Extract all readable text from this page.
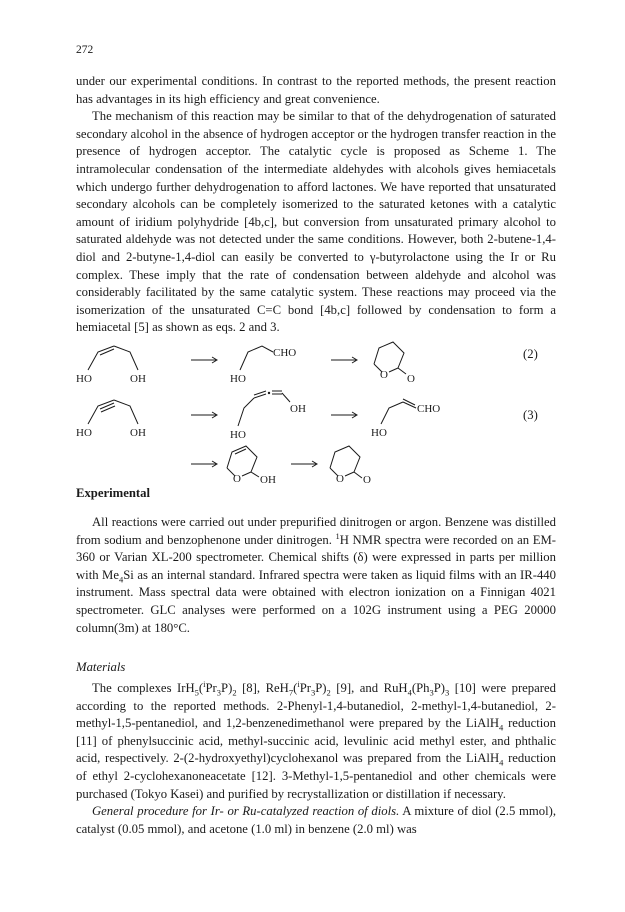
272

under our experimental conditions. In contrast to the reported methods, the present reaction has advantages in its high efficiency and great convenience.

The mechanism of this reaction may be similar to that of the dehydrogenation of saturated secondary alcohol in the absence of hydrogen acceptor or the hydrogen transfer reaction in the presence of hydrogen acceptor. The catalytic cycle is proposed as Scheme 1. The intramolecular condensation of the intermediate aldehydes with alcohols gives hemiacetals which undergo further dehydrogenation to afford lactones. We have reported that unsaturated secondary alcohols can be completely isomerized to the saturated ketones with a catalytic amount of iridium polyhydride [4b,c], but conversion from unsaturated primary alcohol to saturated aldehyde was not detected under the same conditions. However, both 2-butene-1,4-diol and 2-butyne-1,4-diol can easily be converted to γ-butyrolactone using the Ir or Ru complex. These imply that the rate of condensation between aldehyde and alcohol was considerably facilitated by the same catalytic system. These reactions may proceed via the isomerization of the unsaturated C=C bond [4b,c] followed by condensation to form a hemiacetal [5] as shown as eqs. 2 and 3.

HO	OH	HO
CHO
O O
(2)
HO	OH	HO
OH
HO
CHO	(3)
O OH	O O
Experimental

All reactions were carried out under prepurified dinitrogen or argon. Benzene was distilled from sodium and benzophenone under dinitrogen. $^1$H NMR spectra were recorded on an EM-360 or Varian XL-200 spectrometer. Chemical shifts (δ) were expressed in parts per million with $Me_4Si$ as an internal standard. Infrared spectra were taken as liquid films with an IR-440 instrument. Mass spectral data were obtained with electron ionization on a Finnigan 4021 spectrometer. GLC analyses were performed on a 102G instrument using a PEG 20000 column(3m) at 180°C.

Materials

The complexes $IrH_5(^iPr_3P)_2$ [8], $ReH_7(^iPr_3P)_2$ [9], and $RuH_4(Ph_3P)_3$ [10] were prepared according to the reported methods. 2-Phenyl-1,4-butanediol, 2-methyl-1,4-butanediol, 2-methyl-1,5-pentanediol, and 1,2-benzenedimethanol were prepared by the LiAlH$_4$ reduction [11] of phenylsuccinic acid, methyl-succinic acid, levulinic acid methyl ester, and phthalic acid, respectively. 2-(2-hydroxyethyl)cyclohexanol was prepared from the LiAlH$_4$ reduction of ethyl 2-cyclohexanoneacetate [12]. 3-Methyl-1,5-pentanediol and other chemicals were purchased (Tokyo Kasei) and purified by recrystallization or distillation if necessary.

General procedure for Ir- or Ru-catalyzed reaction of diols. A mixture of diol (2.5 mmol), catalyst (0.05 mmol), and acetone (1.0 ml) in benzene (2.0 ml) was
